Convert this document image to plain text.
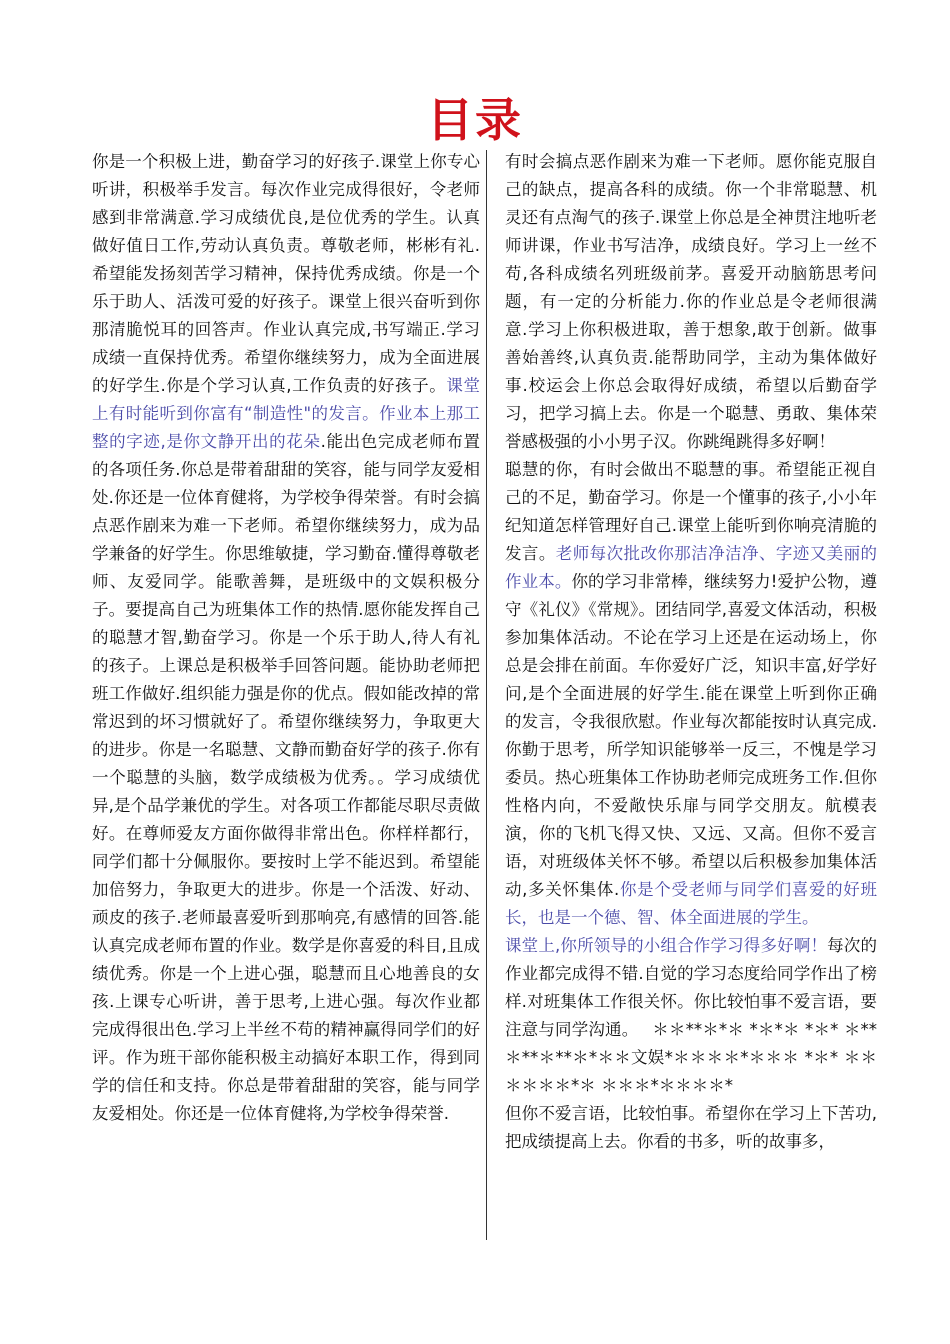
目录

你是一个积极上进，勤奋学习的好孩子.课堂上你专心听讲，积极举手发言。每次作业完成得很好，令老师感到非常满意.学习成绩优良,是位优秀的学生。认真做好值日工作,劳动认真负责。尊敬老师，彬彬有礼.希望能发扬刻苦学习精神，保持优秀成绩。你是一个乐于助人、活泼可爱的好孩子。课堂上很兴奋听到你那清脆悦耳的回答声。作业认真完成,书写端正.学习成绩一直保持优秀。希望你继续努力，成为全面进展的好学生.你是个学习认真,工作负责的好孩子。课堂上有时能听到你富有“制造性"的发言。作业本上那工整的字迹,是你文静开出的花朵.能出色完成老师布置的各项任务.你总是带着甜甜的笑容，能与同学友爱相处.你还是一位体育健将，为学校争得荣誉。有时会搞点恶作剧来为难一下老师。希望你继续努力，成为品学兼备的好学生。你思维敏捷，学习勤奋.懂得尊敬老师、友爱同学。能歌善舞，是班级中的文娱积极分子。要提高自己为班集体工作的热情.愿你能发挥自己的聪慧才智,勤奋学习。你是一个乐于助人,待人有礼的孩子。上课总是积极举手回答问题。能协助老师把班工作做好.组织能力强是你的优点。假如能改掉的常常迟到的坏习惯就好了。希望你继续努力，争取更大的进步。你是一名聪慧、文静而勤奋好学的孩子.你有一个聪慧的头脑，数学成绩极为优秀。。学习成绩优异,是个品学兼优的学生。对各项工作都能尽职尽责做好。在尊师爱友方面你做得非常出色。你样样都行，同学们都十分佩服你。要按时上学不能迟到。希望能加倍努力，争取更大的进步。你是一个活泼、好动、顽皮的孩子.老师最喜爱听到那响亮,有感情的回答.能认真完成老师布置的作业。数学是你喜爱的科目,且成绩优秀。你是一个上进心强，聪慧而且心地善良的女孩.上课专心听讲，善于思考,上进心强。每次作业都完成得很出色.学习上半丝不苟的精神赢得同学们的好评。作为班干部你能积极主动搞好本职工作，得到同学的信任和支持。你总是带着甜甜的笑容，能与同学友爱相处。你还是一位体育健将,为学校争得荣誉.

有时会搞点恶作剧来为难一下老师。愿你能克服自己的缺点，提高各科的成绩。你一个非常聪慧、机灵还有点淘气的孩子.课堂上你总是全神贯注地听老师讲课，作业书写洁净，成绩良好。学习上一丝不苟,各科成绩名列班级前茅。喜爱开动脑筋思考问题，有一定的分析能力.你的作业总是令老师很满意.学习上你积极进取，善于想象,敢于创新。做事善始善终,认真负责.能帮助同学，主动为集体做好事.校运会上你总会取得好成绩，希望以后勤奋学习，把学习搞上去。你是一个聪慧、勇敢、集体荣誉感极强的小小男子汉。你跳绳跳得多好啊！

聪慧的你，有时会做出不聪慧的事。希望能正视自己的不足，勤奋学习。你是一个懂事的孩子,小小年纪知道怎样管理好自己.课堂上能听到你响亮清脆的发言。老师每次批改你那洁净洁净、字迹又美丽的作业本。你的学习非常棒，继续努力!爱护公物，遵守《礼仪》《常规》。团结同学,喜爱文体活动，积极参加集体活动。不论在学习上还是在运动场上，你总是会排在前面。车你爱好广泛，知识丰富,好学好问,是个全面进展的好学生.能在课堂上听到你正确的发言，令我很欣慰。作业每次都能按时认真完成.你勤于思考，所学知识能够举一反三，不愧是学习委员。热心班集体工作协助老师完成班务工作.但你性格内向，不爱敞快乐扉与同学交朋友。航模表演，你的飞机飞得又快、又远、又高。但你不爱言语，对班级体关怀不够。希望以后积极参加集体活动,多关怀集体.你是个受老师与同学们喜爱的好班长，也是一个德、智、体全面进展的学生。

课堂上,你所领导的小组合作学习得多好啊！每次的作业都完成得不错.自觉的学习态度给同学作出了榜样.对班集体工作很关怀。你比较怕事不爱言语，要注意与同学沟通。　 ＊＊**＊*＊ *＊*＊ *＊* ＊**＊**＊**＊*＊＊文娱*＊＊＊＊*＊＊＊ *＊* ＊＊＊＊＊＊*＊ ＊＊＊*＊＊＊＊*

但你不爱言语，比较怕事。希望你在学习上下苦功,把成绩提高上去。你看的书多，听的故事多，
